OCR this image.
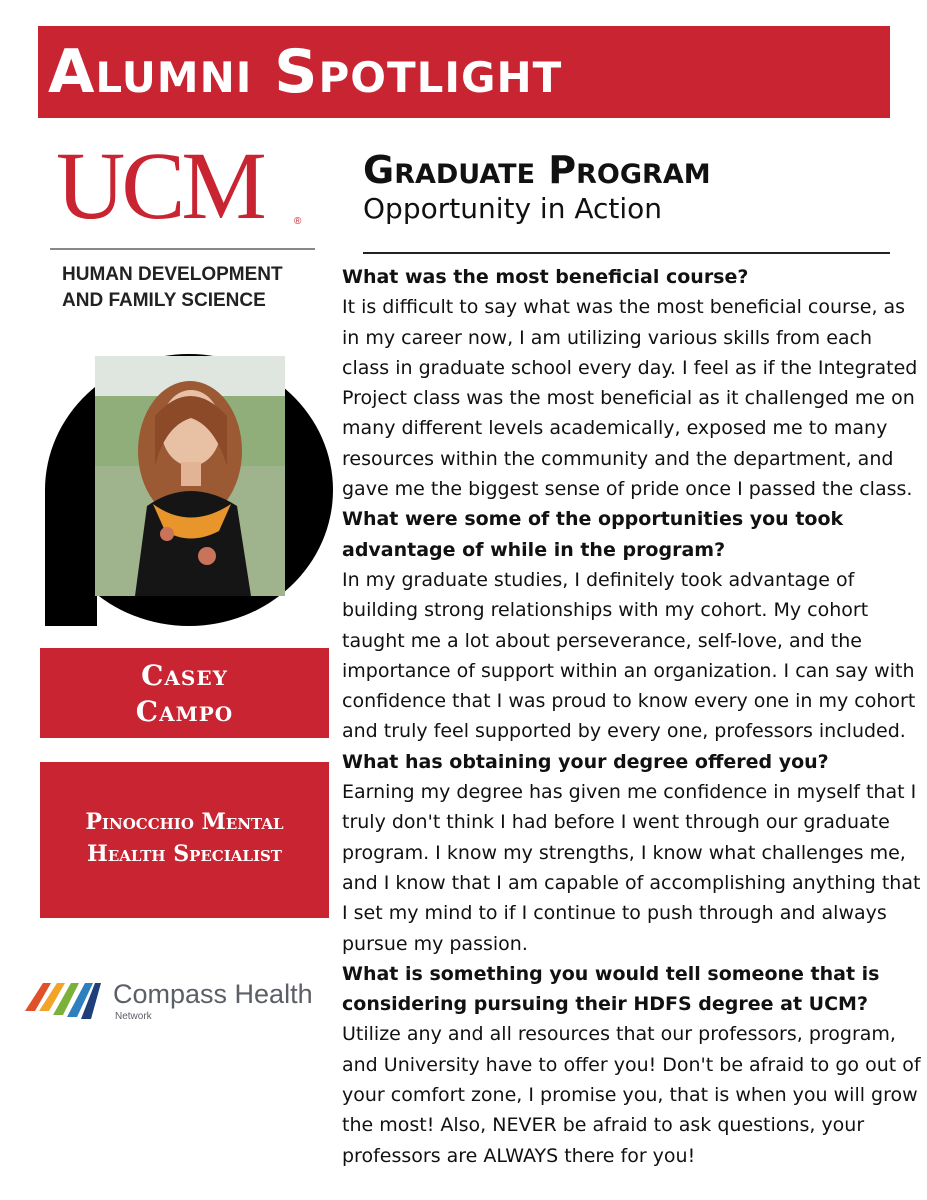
Alumni Spotlight
UCM	®
HUMAN DEVELOPMENT
AND FAMILY SCIENCE
Graduate Program
Opportunity in Action
Casey
Campo
Pinocchio Mental
Health Specialist
Compass Health
Network

What was the most beneficial course?

It is difficult to say what was the most beneficial course, as in my career now, I am utilizing various skills from each class in graduate school every day. I feel as if the Integrated Project class was the most beneficial as it challenged me on many different levels academically, exposed me to many resources within the community and the department, and gave me the biggest sense of pride once I passed the class.

What were some of the opportunities you took advantage of while in the program?

In my graduate studies, I definitely took advantage of building strong relationships with my cohort. My cohort taught me a lot about perseverance, self-love, and the importance of support within an organization. I can say with confidence that I was proud to know every one in my cohort and truly feel supported by every one, professors included.

What has obtaining your degree offered you?

Earning my degree has given me confidence in myself that I truly don't think I had before I went through our graduate program. I know my strengths, I know what challenges me, and I know that I am capable of accomplishing anything that I set my mind to if I continue to push through and always pursue my passion.

What is something you would tell someone that is considering pursuing their HDFS degree at UCM?

Utilize any and all resources that our professors, program, and University have to offer you! Don't be afraid to go out of your comfort zone, I promise you, that is when you will grow the most! Also, NEVER be afraid to ask questions, your professors are ALWAYS there for you!
